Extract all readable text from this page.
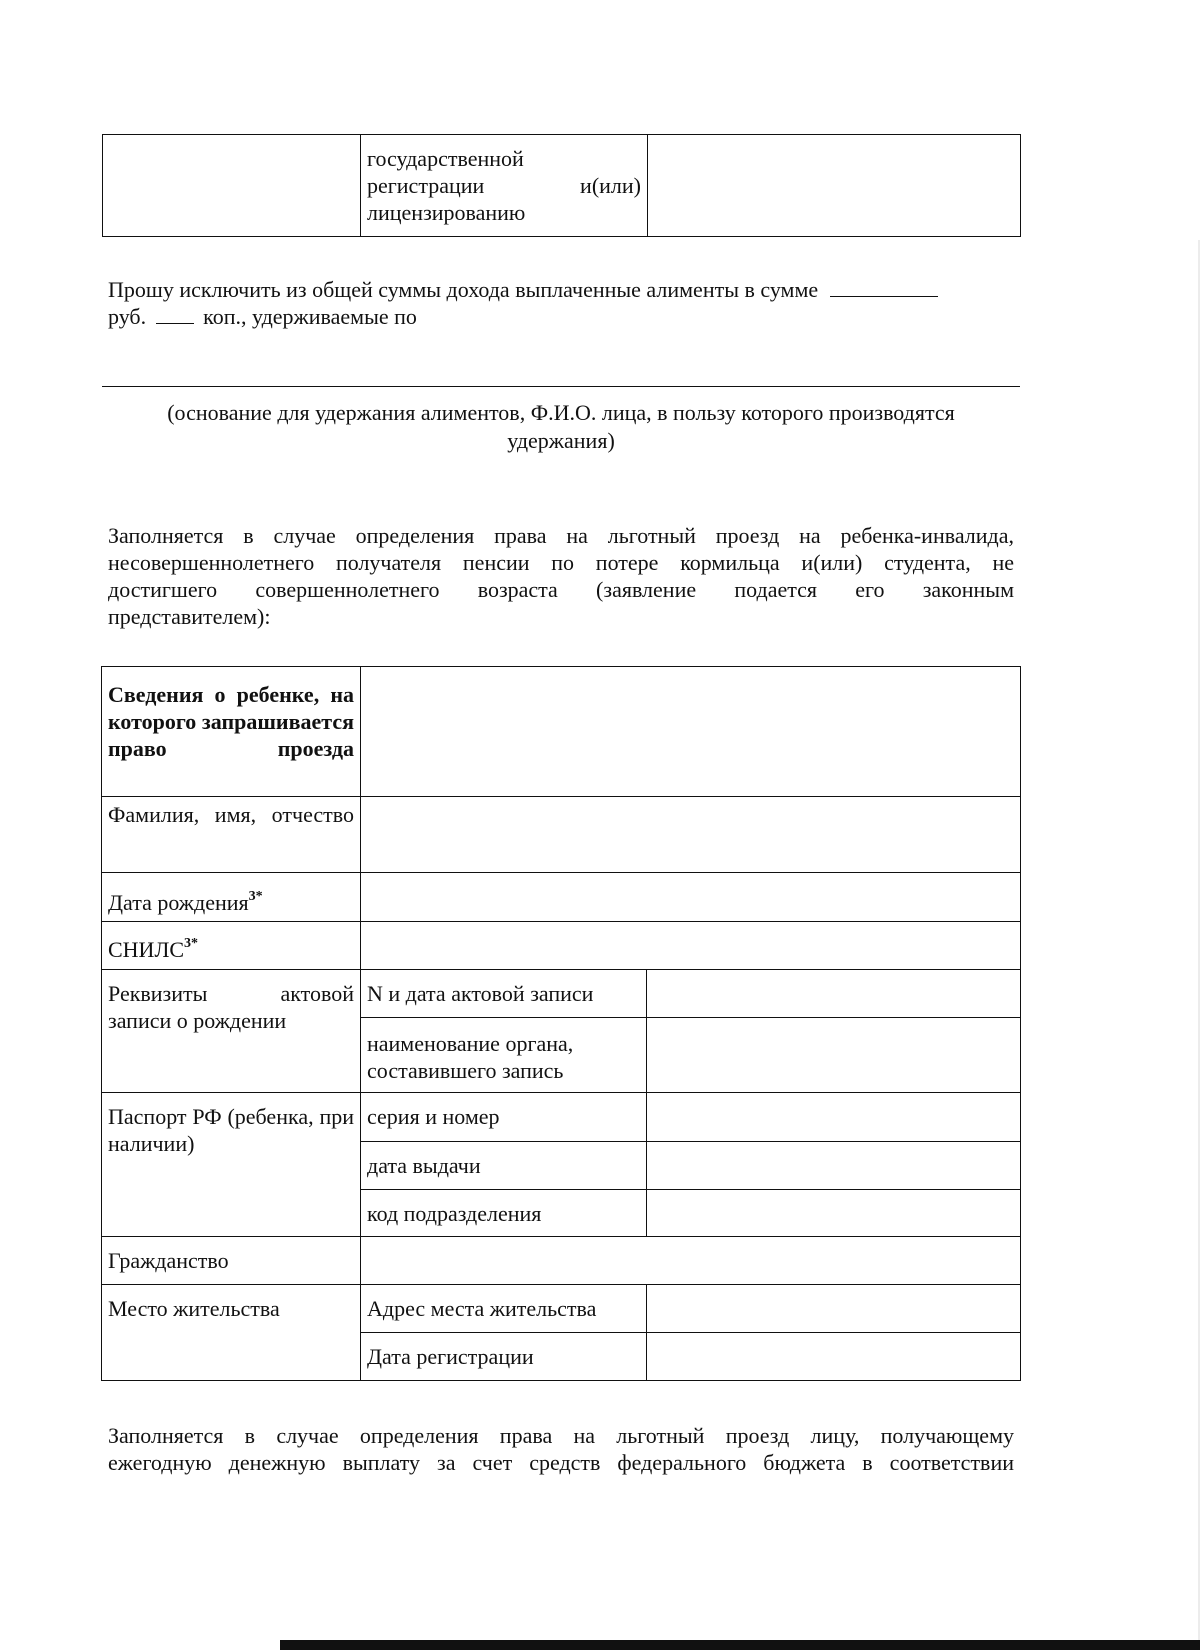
государственной
регистрации и(или)
лицензированию

Прошу исключить из общей суммы дохода выплаченные алименты в сумме
руб.	коп., удерживаемые по
(основание для удержания алиментов, Ф.И.О. лица, в пользу которого производятся
удержания)
Заполняется в случае определения права на льготный проезд на ребенка-инвалида,
несовершеннолетнего получателя пенсии по потере кормильца и(или) студента, не
достигшего совершеннолетнего возраста (заявление подается его законным
представителем):
Сведения о ребенке, на которого запрашивается право проезда		

Фамилия, имя, отчество		

Дата рождения$^{3*}$	
$СНИЛС^{3*}$	

Реквизиты актовой записи о рождении	N и дата актовой записи	
	наименование органа, составившего запись	

Паспорт РФ (ребенка, при наличии)	серия и номер	
	дата выдачи	
	код подразделения	
Гражданство		
Место жительства	Адрес места жительства	
	Дата регистрации	
Заполняется в случае определения права на льготный проезд лицу, получающему
ежегодную денежную выплату за счет средств федерального бюджета в соответствии
